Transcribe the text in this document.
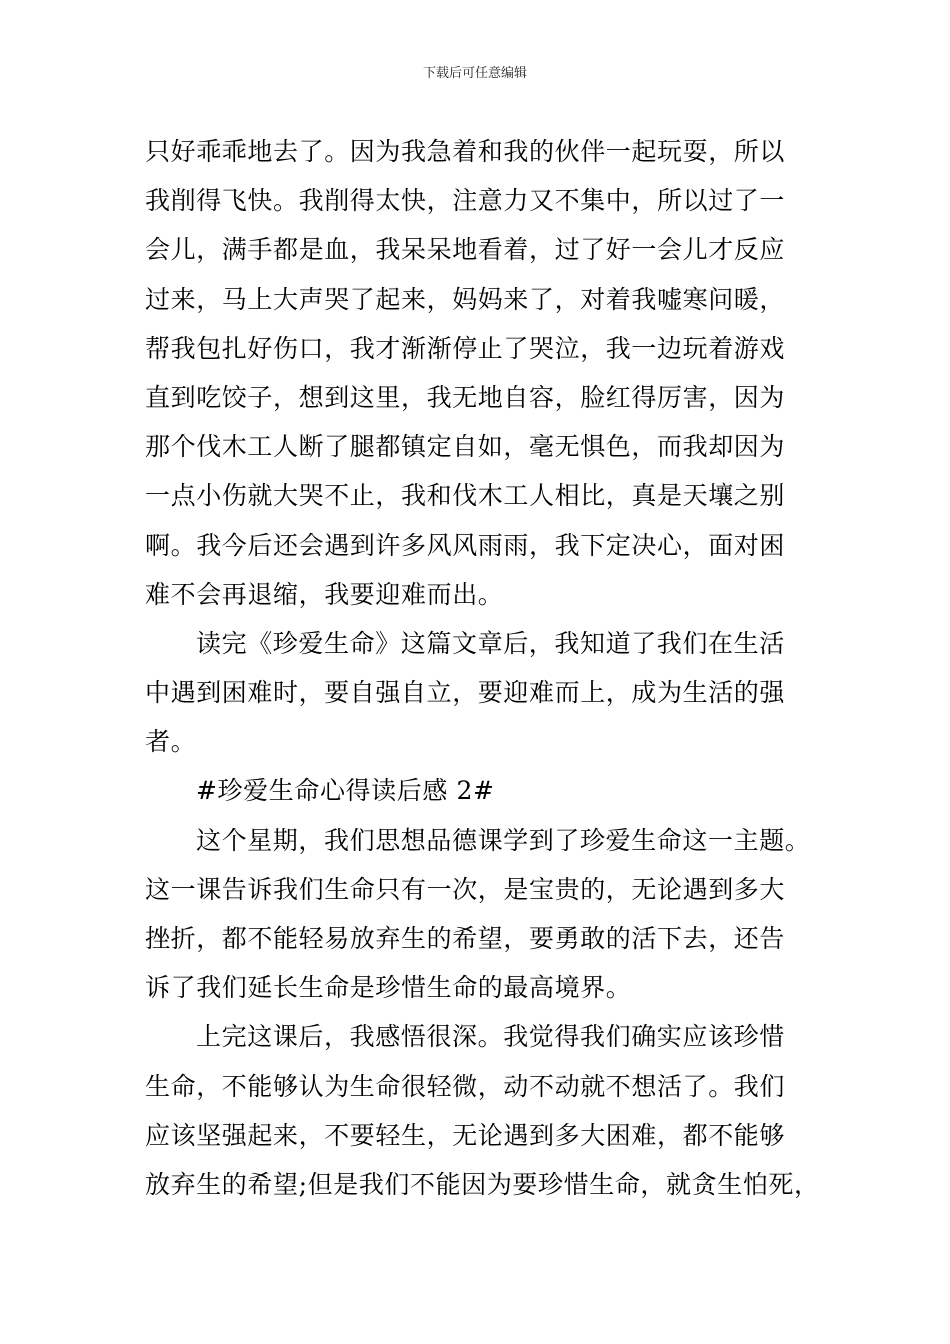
下载后可任意编辑
只好乖乖地去了。因为我急着和我的伙伴一起玩耍，所以
我削得飞快。我削得太快，注意力又不集中，所以过了一
会儿，满手都是血，我呆呆地看着，过了好一会儿才反应
过来，马上大声哭了起来，妈妈来了，对着我嘘寒问暖，
帮我包扎好伤口，我才渐渐停止了哭泣，我一边玩着游戏
直到吃饺子，想到这里，我无地自容，脸红得厉害，因为
那个伐木工人断了腿都镇定自如，毫无惧色，而我却因为
一点小伤就大哭不止，我和伐木工人相比，真是天壤之别
啊。我今后还会遇到许多风风雨雨，我下定决心，面对困
难不会再退缩，我要迎难而出。
读完《珍爱生命》这篇文章后，我知道了我们在生活
中遇到困难时，要自强自立，要迎难而上，成为生活的强
者。
#珍爱生命心得读后感 2#
这个星期，我们思想品德课学到了珍爱生命这一主题。
这一课告诉我们生命只有一次，是宝贵的，无论遇到多大
挫折，都不能轻易放弃生的希望，要勇敢的活下去，还告
诉了我们延长生命是珍惜生命的最高境界。
上完这课后，我感悟很深。我觉得我们确实应该珍惜
生命，不能够认为生命很轻微，动不动就不想活了。我们
应该坚强起来，不要轻生，无论遇到多大困难，都不能够
放弃生的希望;但是我们不能因为要珍惜生命，就贪生怕死，
